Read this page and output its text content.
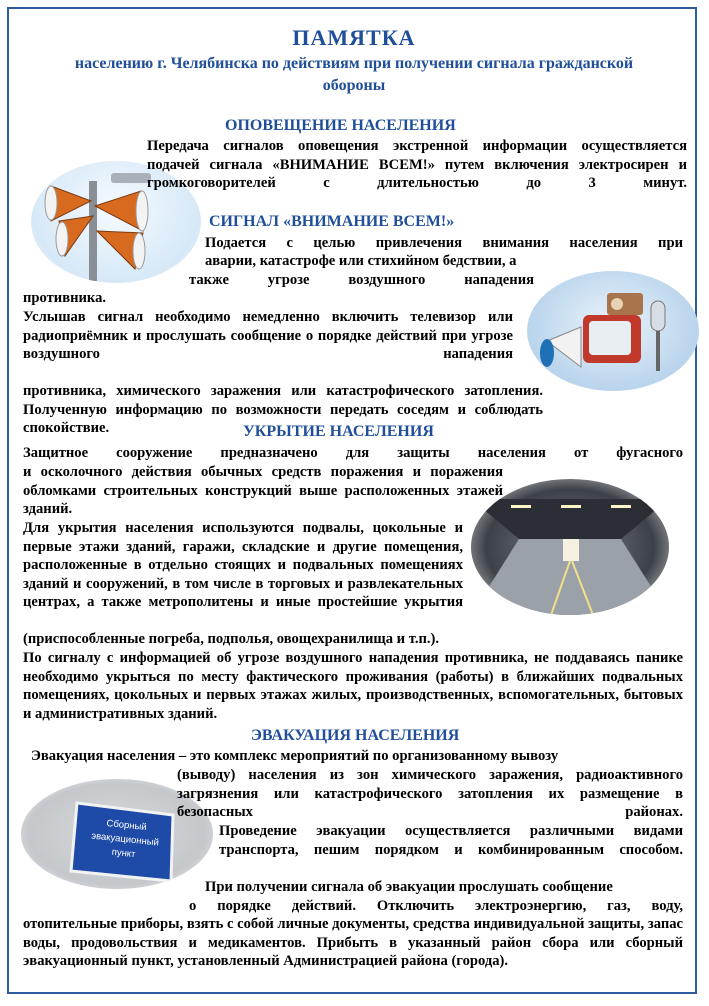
ПАМЯТКА

населению г. Челябинска по действиям при получении сигнала гражданской обороны

ОПОВЕЩЕНИЕ НАСЕЛЕНИЯ

Передача сигналов оповещения экстренной информации осуществляется подачей сигнала «ВНИМАНИЕ ВСЕМ!» путем включения электросирен и громкоговорителей с длительностью до 3 минут.

СИГНАЛ «ВНИМАНИЕ ВСЕМ!»

Подается с целью привлечения внимания населения при

аварии, катастрофе или стихийном бедствии, а

также угрозе воздушного нападения

противника.

Услышав сигнал необходимо немедленно включить телевизор или радиоприёмник и прослушать сообщение о порядке действий при угрозе воздушного нападения

противника, химического заражения или катастрофического затопления. Полученную информацию по возможности передать соседям и соблюдать спокойствие.	УКРЫТИЕ НАСЕЛЕНИЯ

Защитное сооружение предназначено для защиты населения от фугасного

и осколочного действия обычных средств поражения и поражения обломками строительных конструкций выше расположенных этажей зданий.

Для укрытия населения используются подвалы, цокольные и первые этажи зданий, гаражи, складские и другие помещения, расположенные в отдельно стоящих и подвальных помещениях зданий и сооружений, в том числе в торговых и развлекательных центрах, а также метрополитены и иные простейшие укрытия

(приспособленные погреба, подполья, овощехранилища и т.п.).

По сигналу с информацией об угрозе воздушного нападения противника, не поддаваясь панике необходимо укрыться по месту фактического проживания (работы) в ближайших подвальных помещениях, цокольных и первых этажах жилых, производственных, вспомогательных, бытовых и административных зданий.

ЭВАКУАЦИЯ НАСЕЛЕНИЯ

Эвакуация населения – это комплекс мероприятий по организованному вывозу

Сборный эвакуационный пункт

(выводу) населения из зон химического заражения, радиоактивного загрязнения или катастрофического затопления их размещение в безопасных районах.

Проведение эвакуации осуществляется различными видами транспорта, пешим порядком и комбинированным способом.

При получении сигнала об эвакуации прослушать сообщение

о порядке действий. Отключить электроэнергию, газ, воду,

отопительные приборы, взять с собой личные документы, средства индивидуальной защиты, запас воды, продовольствия и медикаментов. Прибыть в указанный район сбора или сборный эвакуационный пункт, установленный Администрацией района (города).
